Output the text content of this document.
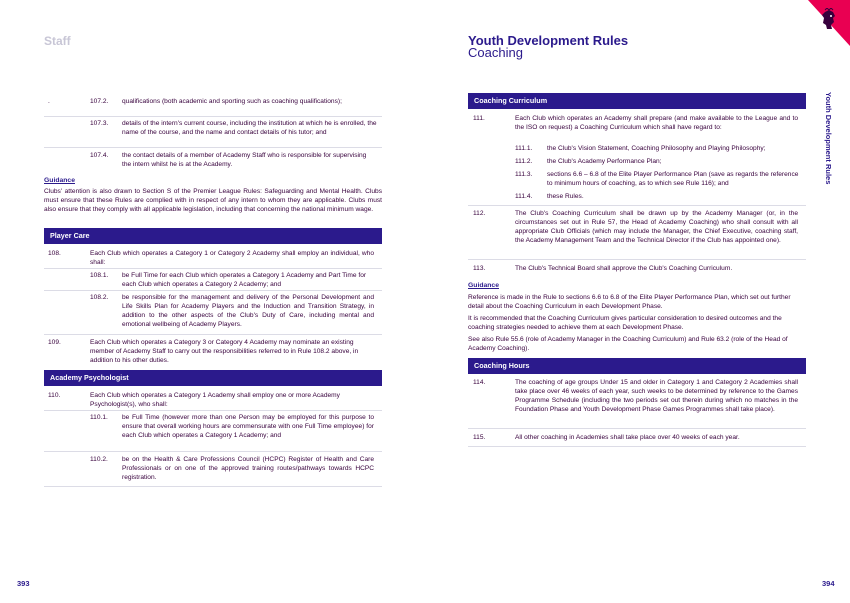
Staff	Youth Development Rules
Coaching
Youth Development Rules
393	394
.	107.2. qualifications (both academic and sporting such as coaching qualifications);
107.3. details of the intern's current course, including the institution at which he is enrolled, the name of the course, and the name and contact details of his tutor; and
107.4. the contact details of a member of Academy Staff who is responsible for supervising the intern whilst he is at the Academy.
Guidance
Clubs' attention is also drawn to Section S of the Premier League Rules: Safeguarding and Mental Health. Clubs must ensure that these Rules are complied with in respect of any intern to whom they are applicable. Clubs must also ensure that they comply with all applicable legislation, including that concerning the national minimum wage.
Player Care
108.	Each Club which operates a Category 1 or Category 2 Academy shall employ an individual, who shall:
108.1. be Full Time for each Club which operates a Category 1 Academy and Part Time for each Club which operates a Category 2 Academy; and
108.2. be responsible for the management and delivery of the Personal Development and Life Skills Plan for Academy Players and the Induction and Transition Strategy, in addition to the other aspects of the Club's Duty of Care, including mental and emotional wellbeing of Academy Players.
109.	Each Club which operates a Category 3 or Category 4 Academy may nominate an existing member of Academy Staff to carry out the responsibilities referred to in Rule 108.2 above, in addition to his other duties.
Academy Psychologist
110.	Each Club which operates a Category 1 Academy shall employ one or more Academy Psychologist(s), who shall:
110.1. be Full Time (however more than one Person may be employed for this purpose to ensure that overall working hours are commensurate with one Full Time employee) for each Club which operates a Category 1 Academy; and
110.2. be on the Health & Care Professions Council (HCPC) Register of Health and Care Professionals or on one of the approved training routes/pathways towards HCPC registration.
Coaching Curriculum
111.	Each Club which operates an Academy shall prepare (and make available to the League and to the ISO on request) a Coaching Curriculum which shall have regard to:
111.1. the Club's Vision Statement, Coaching Philosophy and Playing Philosophy;
111.2. the Club's Academy Performance Plan;
111.3. sections 6.6 – 6.8 of the Elite Player Performance Plan (save as regards the reference to minimum hours of coaching, as to which see Rule 116); and
111.4. these Rules.
112.	The Club's Coaching Curriculum shall be drawn up by the Academy Manager (or, in the circumstances set out in Rule 57, the Head of Academy Coaching) who shall consult with all appropriate Club Officials (which may include the Manager, the Chief Executive, coaching staff, the Academy Management Team and the Technical Director if the Club has appointed one).
113.	The Club's Technical Board shall approve the Club's Coaching Curriculum.
Guidance
Reference is made in the Rule to sections 6.6 to 6.8 of the Elite Player Performance Plan, which set out further detail about the Coaching Curriculum in each Development Phase.
It is recommended that the Coaching Curriculum gives particular consideration to desired outcomes and the coaching strategies needed to achieve them at each Development Phase.
See also Rule 55.6 (role of Academy Manager in the Coaching Curriculum) and Rule 63.2 (role of the Head of Academy Coaching).
Coaching Hours
114.	The coaching of age groups Under 15 and older in Category 1 and Category 2 Academies shall take place over 46 weeks of each year, such weeks to be determined by reference to the Games Programme Schedule (including the two periods set out therein during which no matches in the Foundation Phase and Youth Development Phase Games Programmes shall take place).
115.	All other coaching in Academies shall take place over 40 weeks of each year.
